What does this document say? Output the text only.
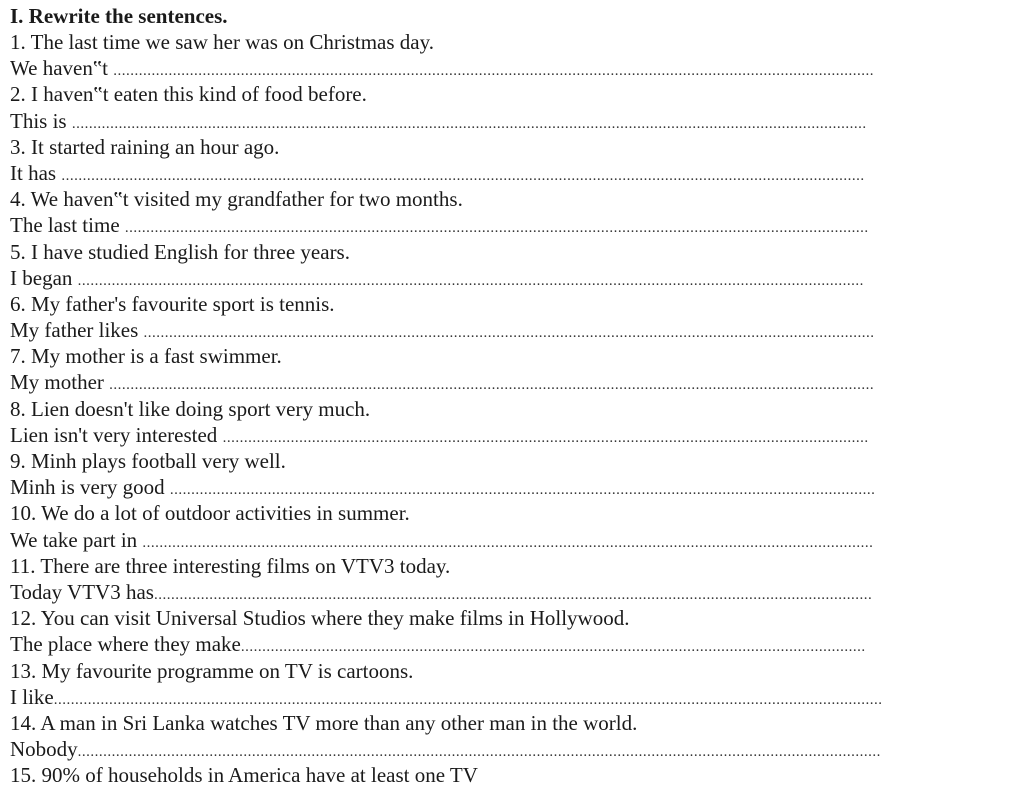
I. Rewrite the sentences.
1. The last time we saw her was on Christmas day.
We haven‟t ...................................................................................................................................................................................
2. I haven‟t eaten this kind of food before.
This is ...........................................................................................................................................................................................
3. It started raining an hour ago.
It has .............................................................................................................................................................................................
4. We haven‟t visited my grandfather for two months.
The last time ...............................................................................................................................................................................
5. I have studied English for three years.
I began .........................................................................................................................................................................................
6. My father's favourite sport is tennis.
My father likes ............................................................................................................................................................................
7. My mother is a fast swimmer.
My mother ....................................................................................................................................................................................
8. Lien doesn't like doing sport very much.
Lien isn't very interested ........................................................................................................................................................
9. Minh plays football very well.
Minh is very good ......................................................................................................................................................................
10. We do a lot of outdoor activities in summer.
We take part in ............................................................................................................................................................................
11. There are three interesting films on VTV3 today.
Today VTV3 has .........................................................................................................................................................................
12. You can visit Universal Studios where they make films in Hollywood.
The place where they make ...................................................................................................................................................
13. My favourite programme on TV is cartoons.
I like ...................................................................................................................................................................................................
14. A man in Sri Lanka watches TV more than any other man in the world.
Nobody .............................................................................................................................................................................................
15. 90% of households in America have at least one TV
